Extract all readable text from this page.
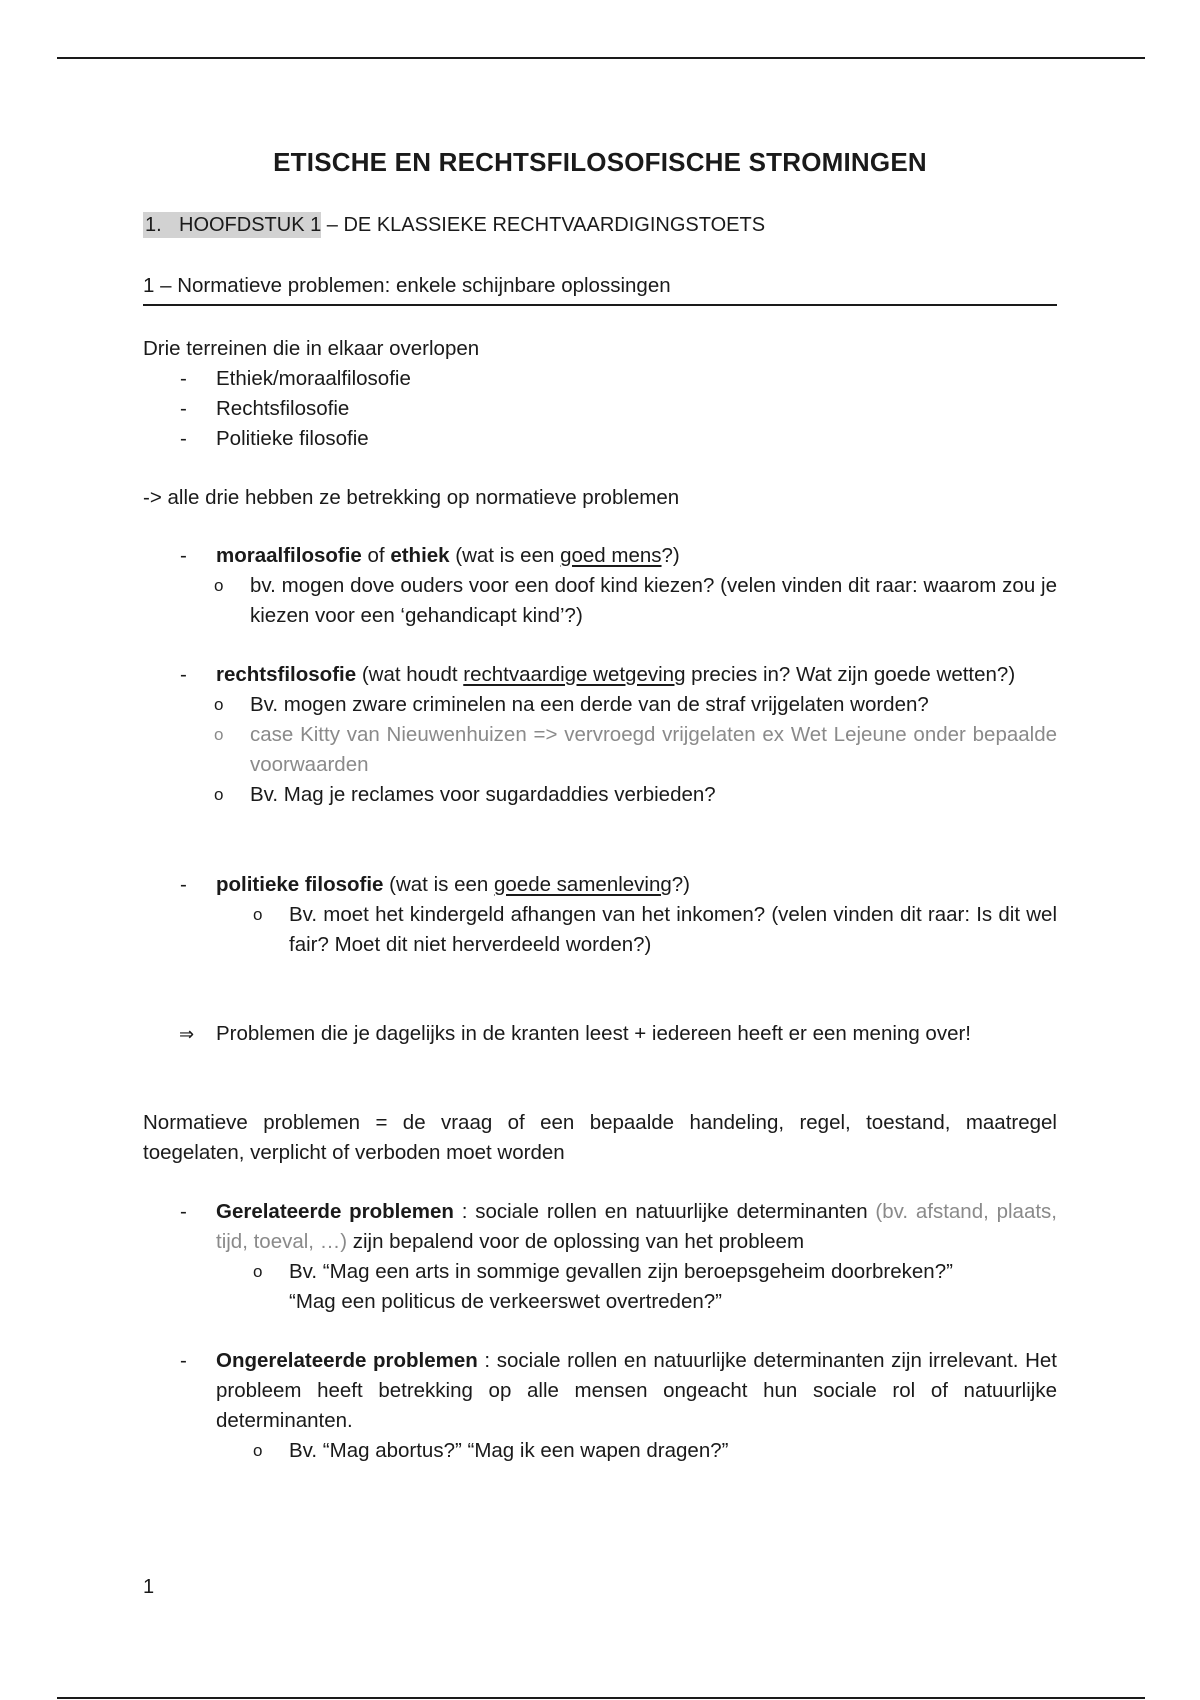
ETISCHE EN RECHTSFILOSOFISCHE STROMINGEN
1. HOOFDSTUK 1 – DE KLASSIEKE RECHTVAARDIGINGSTOETS
1 – Normatieve problemen: enkele schijnbare oplossingen

Drie terreinen die in elkaar overlopen

- Ethiek/moraalfilosofie
- Rechtsfilosofie
- Politieke filosofie
-> alle drie hebben ze betrekking op normatieve problemen
- moraalfilosofie of ethiek (wat is een goed mens?)
o bv. mogen dove ouders voor een doof kind kiezen? (velen vinden dit raar: waarom zou je kiezen voor een ‘gehandicapt kind’?)
- rechtsfilosofie (wat houdt rechtvaardige wetgeving precies in? Wat zijn goede wetten?)
o Bv. mogen zware criminelen na een derde van de straf vrijgelaten worden?
o case Kitty van Nieuwenhuizen => vervroegd vrijgelaten ex Wet Lejeune onder bepaalde voorwaarden
o Bv. Mag je reclames voor sugardaddies verbieden?
- politieke filosofie (wat is een goede samenleving?)
o Bv. moet het kindergeld afhangen van het inkomen? (velen vinden dit raar: Is dit wel fair? Moet dit niet herverdeeld worden?)
⇒ Problemen die je dagelijks in de kranten leest + iedereen heeft er een mening over!
Normatieve problemen = de vraag of een bepaalde handeling, regel, toestand, maatregel toegelaten, verplicht of verboden moet worden
- Gerelateerde problemen : sociale rollen en natuurlijke determinanten (bv. afstand, plaats, tijd, toeval, …) zijn bepalend voor de oplossing van het probleem
o Bv. “Mag een arts in sommige gevallen zijn beroepsgeheim doorbreken?”
“Mag een politicus de verkeerswet overtreden?”
- Ongerelateerde problemen : sociale rollen en natuurlijke determinanten zijn irrelevant. Het probleem heeft betrekking op alle mensen ongeacht hun sociale rol of natuurlijke determinanten.
o Bv. “Mag abortus?” “Mag ik een wapen dragen?”
1
